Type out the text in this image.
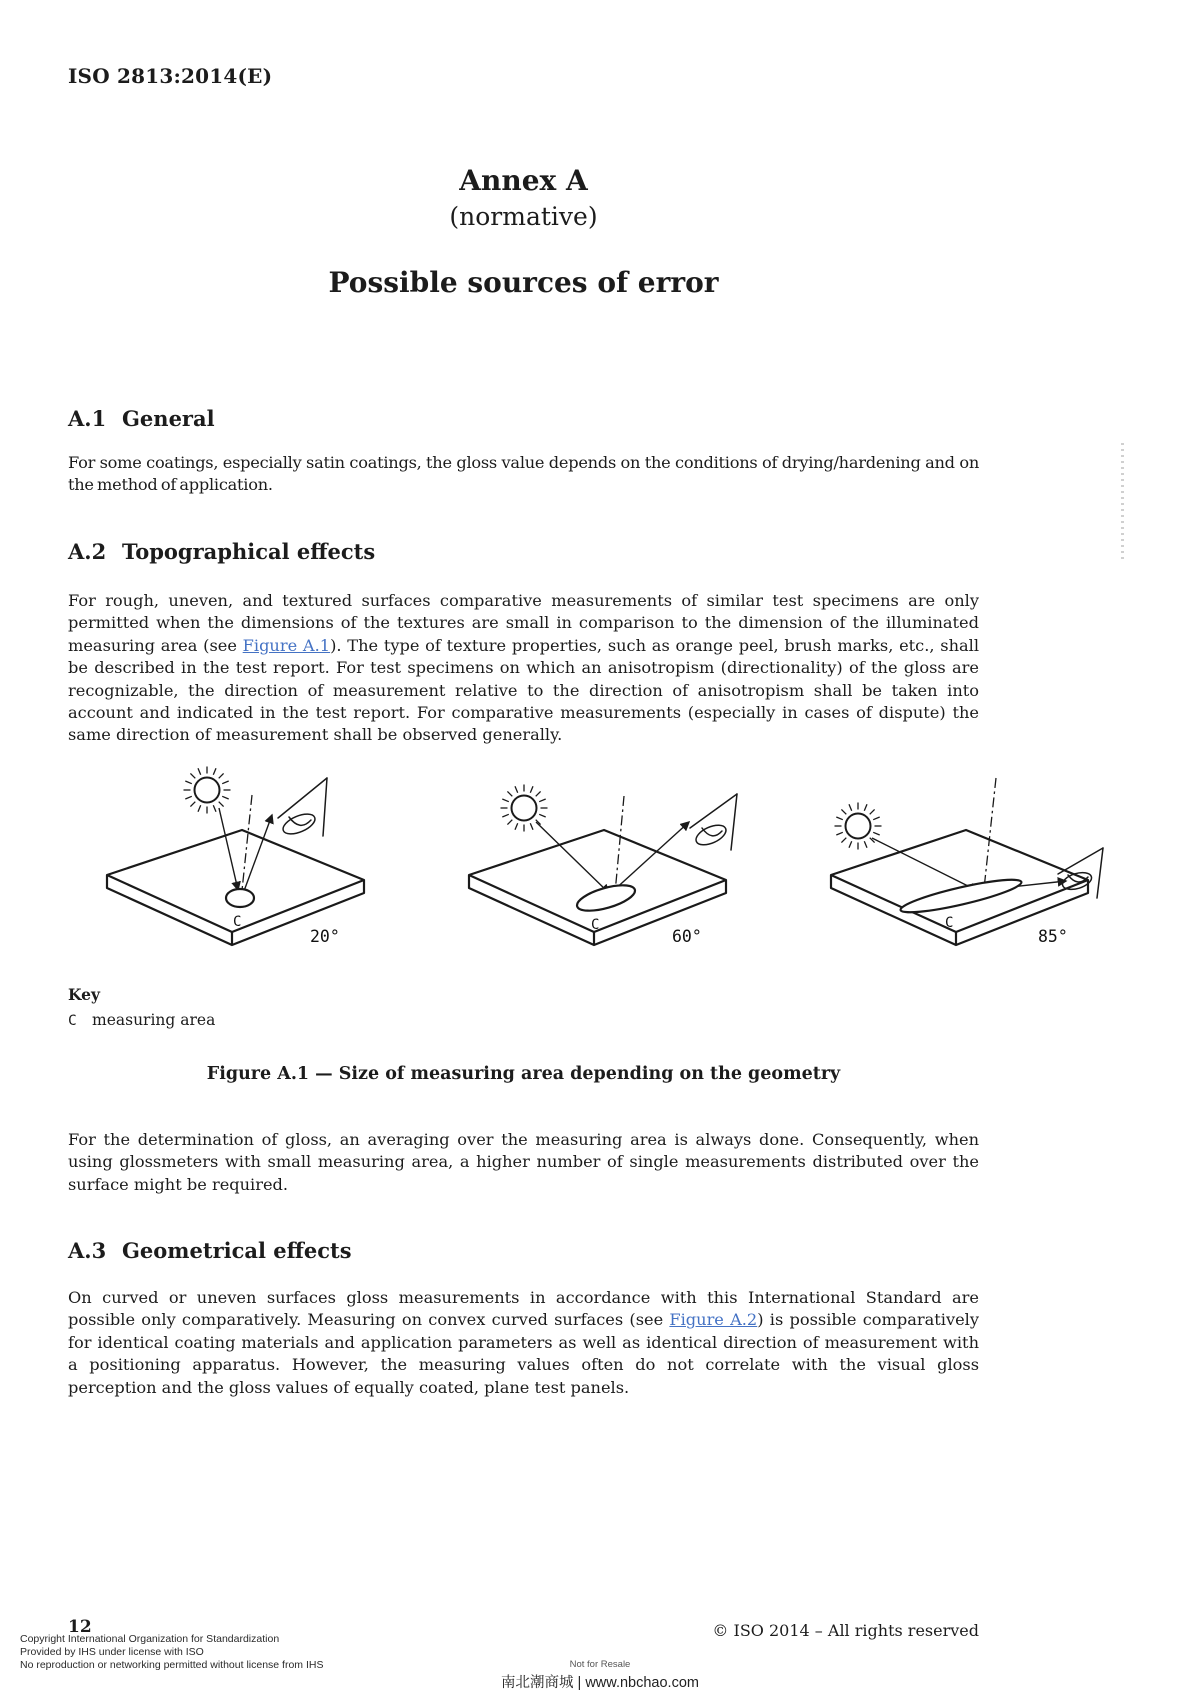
ISO 2813:2014(E)
Annex A
(normative)
Possible sources of error
A.1 General
For some coatings, especially satin coatings, the gloss value depends on the conditions of drying/hardening and on the method of application.
A.2 Topographical effects
For rough, uneven, and textured surfaces comparative measurements of similar test specimens are only permitted when the dimensions of the textures are small in comparison to the dimension of the illuminated measuring area (see Figure A.1). The type of texture properties, such as orange peel, brush marks, etc., shall be described in the test report. For test specimens on which an anisotropism (directionality) of the gloss are recognizable, the direction of measurement relative to the direction of anisotropism shall be taken into account and indicated in the test report. For comparative measurements (especially in cases of dispute) the same direction of measurement shall be observed generally.
C
20°
C
60°
C
85°
Key
C measuring area
Figure A.1 — Size of measuring area depending on the geometry
For the determination of gloss, an averaging over the measuring area is always done. Consequently, when using glossmeters with small measuring area, a higher number of single measurements distributed over the surface might be required.
A.3 Geometrical effects
On curved or uneven surfaces gloss measurements in accordance with this International Standard are possible only comparatively. Measuring on convex curved surfaces (see Figure A.2) is possible comparatively for identical coating materials and application parameters as well as identical direction of measurement with a positioning apparatus. However, the measuring values often do not correlate with the visual gloss perception and the gloss values of equally coated, plane test panels.
12
Copyright International Organization for Standardization
Provided by IHS under license with ISO
No reproduction or networking permitted without license from IHS
© ISO 2014 – All rights reserved
Not for Resale
南北潮商城 | www.nbchao.com
